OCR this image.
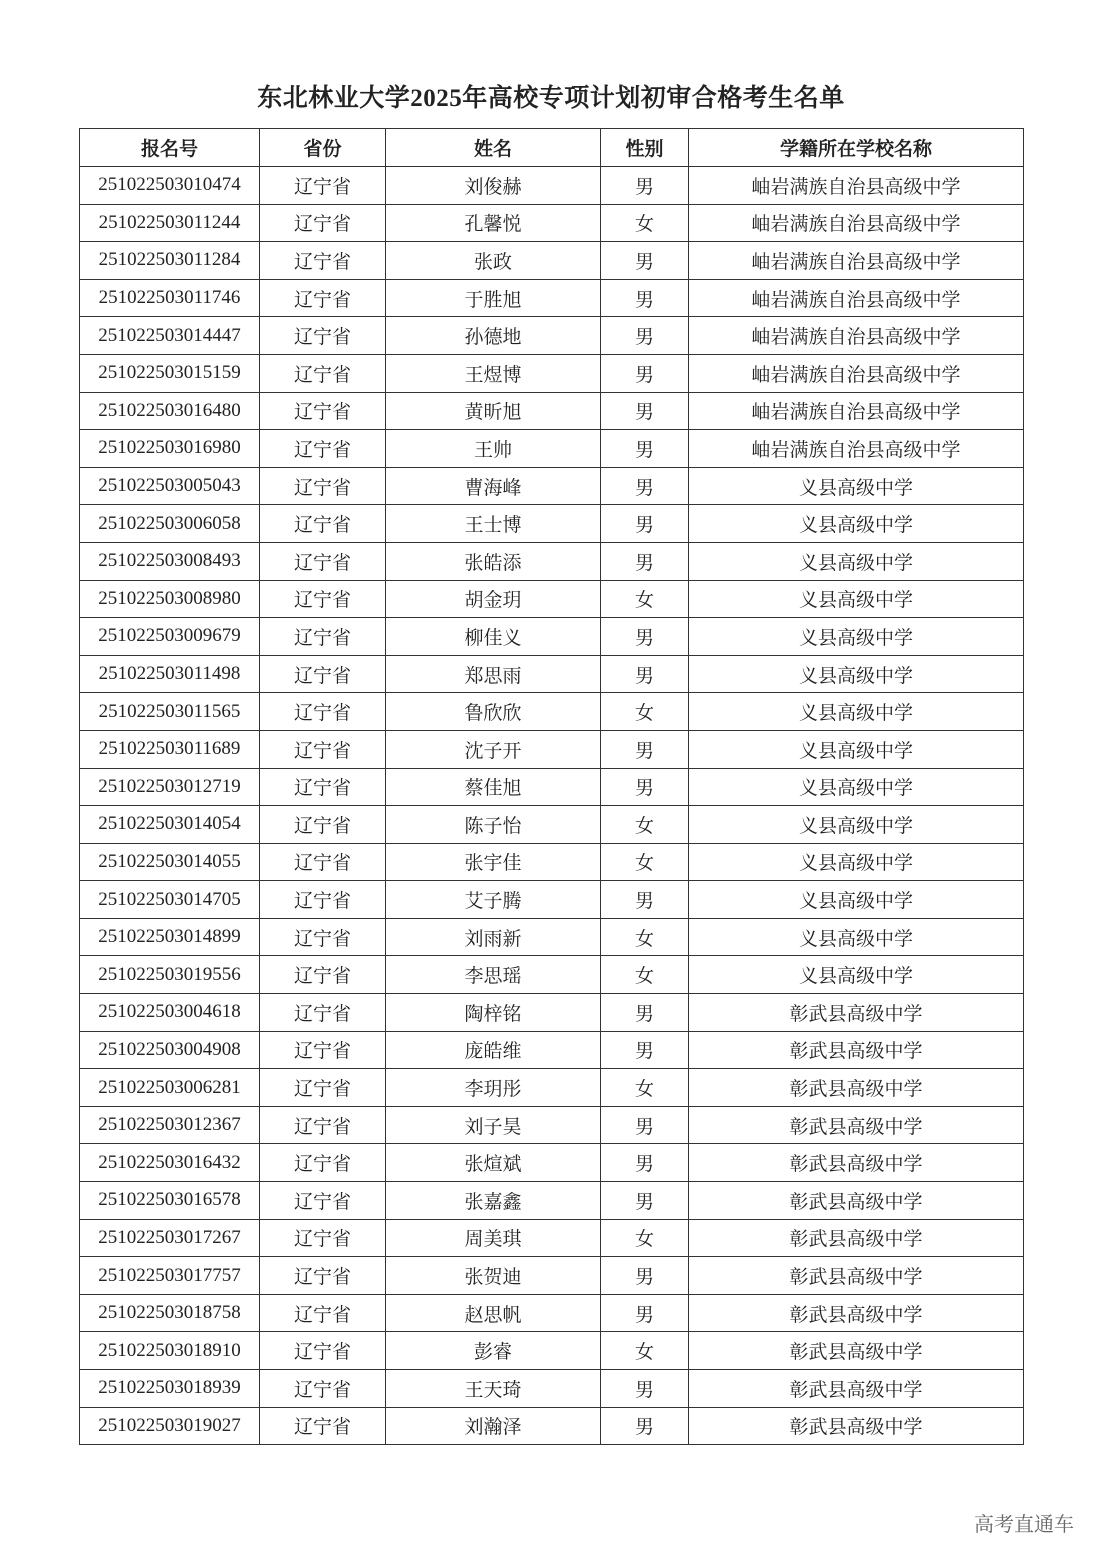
东北林业大学2025年高校专项计划初审合格考生名单
报名号	省份	姓名	性别	学籍所在学校名称
251022503010474	辽宁省	刘俊赫	男	岫岩满族自治县高级中学
251022503011244	辽宁省	孔馨悦	女	岫岩满族自治县高级中学
251022503011284	辽宁省	张政	男	岫岩满族自治县高级中学
251022503011746	辽宁省	于胜旭	男	岫岩满族自治县高级中学
251022503014447	辽宁省	孙德地	男	岫岩满族自治县高级中学
251022503015159	辽宁省	王煜博	男	岫岩满族自治县高级中学
251022503016480	辽宁省	黄昕旭	男	岫岩满族自治县高级中学
251022503016980	辽宁省	王帅	男	岫岩满族自治县高级中学
251022503005043	辽宁省	曹海峰	男	义县高级中学
251022503006058	辽宁省	王士博	男	义县高级中学
251022503008493	辽宁省	张皓添	男	义县高级中学
251022503008980	辽宁省	胡金玥	女	义县高级中学
251022503009679	辽宁省	柳佳义	男	义县高级中学
251022503011498	辽宁省	郑思雨	男	义县高级中学
251022503011565	辽宁省	鲁欣欣	女	义县高级中学
251022503011689	辽宁省	沈子开	男	义县高级中学
251022503012719	辽宁省	蔡佳旭	男	义县高级中学
251022503014054	辽宁省	陈子怡	女	义县高级中学
251022503014055	辽宁省	张宇佳	女	义县高级中学
251022503014705	辽宁省	艾子腾	男	义县高级中学
251022503014899	辽宁省	刘雨新	女	义县高级中学
251022503019556	辽宁省	李思瑶	女	义县高级中学
251022503004618	辽宁省	陶梓铭	男	彰武县高级中学
251022503004908	辽宁省	庞皓维	男	彰武县高级中学
251022503006281	辽宁省	李玥彤	女	彰武县高级中学
251022503012367	辽宁省	刘子昊	男	彰武县高级中学
251022503016432	辽宁省	张煊斌	男	彰武县高级中学
251022503016578	辽宁省	张嘉鑫	男	彰武县高级中学
251022503017267	辽宁省	周美琪	女	彰武县高级中学
251022503017757	辽宁省	张贺迪	男	彰武县高级中学
251022503018758	辽宁省	赵思帆	男	彰武县高级中学
251022503018910	辽宁省	彭睿	女	彰武县高级中学
251022503018939	辽宁省	王天琦	男	彰武县高级中学
251022503019027	辽宁省	刘瀚泽	男	彰武县高级中学
高考直通车
